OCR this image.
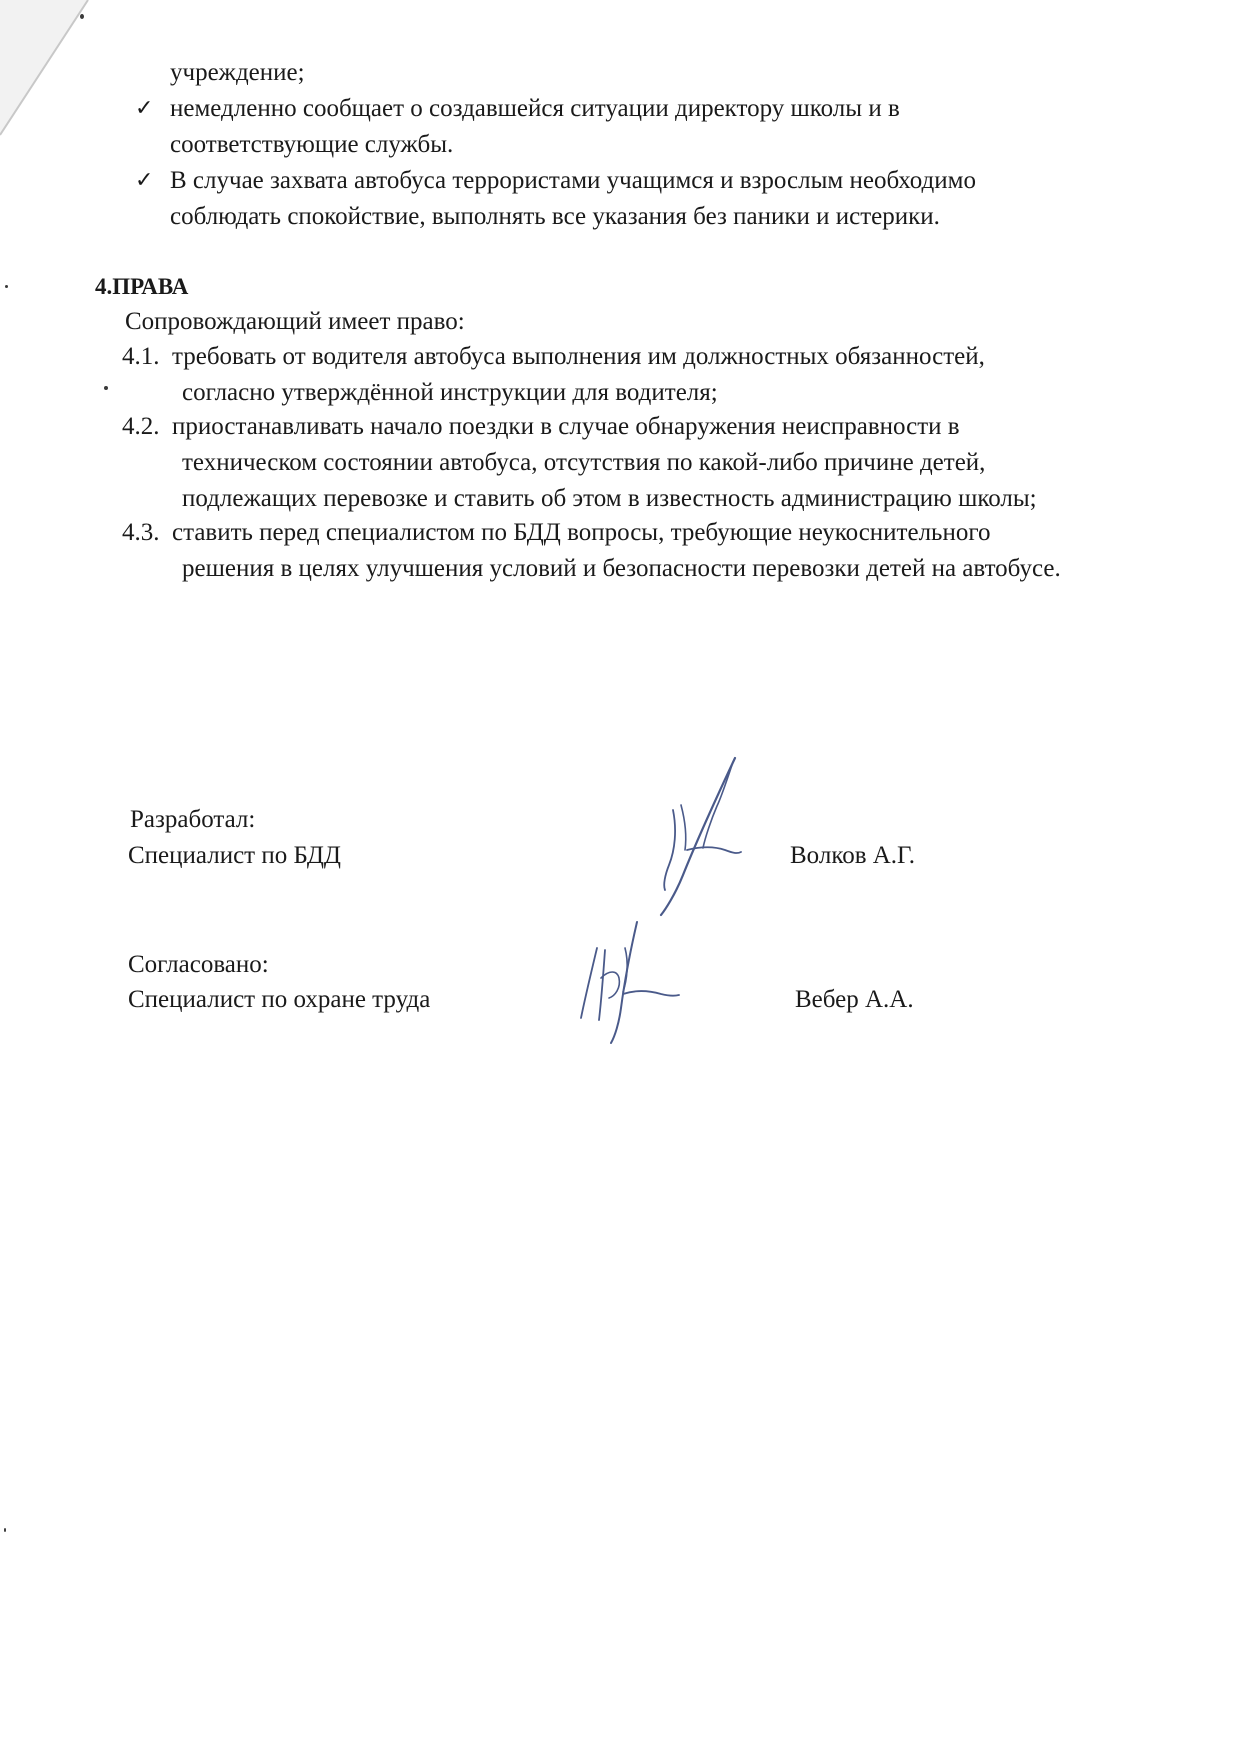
учреждение;
✓ немедленно сообщает о создавшейся ситуации директору школы и в
соответствующие службы.
✓ В случае захвата автобуса террористами учащимся и взрослым необходимо
соблюдать спокойствие, выполнять все указания без паники и истерики.
4.ПРАВА
Сопровождающий имеет право:
4.1. требовать от водителя автобуса выполнения им должностных обязанностей,
согласно утверждённой инструкции для водителя;
4.2. приостанавливать начало поездки в случае обнаружения неисправности в
техническом состоянии автобуса, отсутствия по какой-либо причине детей,
подлежащих перевозке и ставить об этом в известность администрацию школы;
4.3. ставить перед специалистом по БДД вопросы, требующие неукоснительного
решения в целях улучшения условий и безопасности перевозки детей на автобусе.
Разработал:
Специалист по БДД	Волков А.Г.
Согласовано:
Специалист по охране труда	Вебер А.А.
